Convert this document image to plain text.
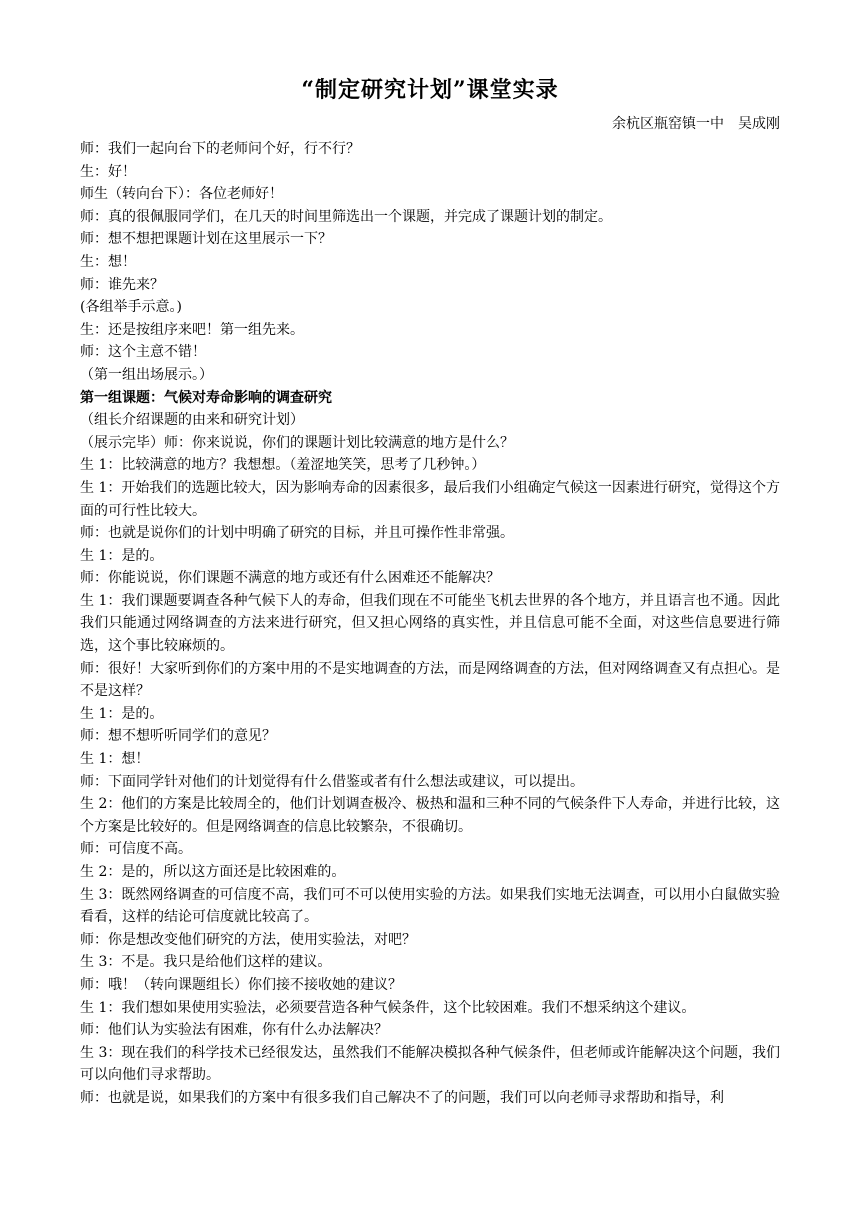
“制定研究计划”课堂实录
余杭区瓶窑镇一中　吴成刚

师：我们一起向台下的老师问个好，行不行？

生：好！

师生（转向台下）：各位老师好！

师：真的很佩服同学们，在几天的时间里筛选出一个课题，并完成了课题计划的制定。

师：想不想把课题计划在这里展示一下？

生：想！

师：谁先来？

(各组举手示意。)

生：还是按组序来吧！第一组先来。

师：这个主意不错！

（第一组出场展示。）

第一组课题：气候对寿命影响的调查研究

（组长介绍课题的由来和研究计划）

（展示完毕）师：你来说说，你们的课题计划比较满意的地方是什么？

生 1：比较满意的地方？我想想。（羞涩地笑笑，思考了几秒钟。）

生 1：开始我们的选题比较大，因为影响寿命的因素很多，最后我们小组确定气候这一因素进行研究，觉得这个方面的可行性比较大。

师：也就是说你们的计划中明确了研究的目标，并且可操作性非常强。

生 1：是的。

师：你能说说，你们课题不满意的地方或还有什么困难还不能解决？

生 1：我们课题要调查各种气候下人的寿命，但我们现在不可能坐飞机去世界的各个地方，并且语言也不通。因此我们只能通过网络调查的方法来进行研究，但又担心网络的真实性，并且信息可能不全面，对这些信息要进行筛选，这个事比较麻烦的。

师：很好！大家听到你们的方案中用的不是实地调查的方法，而是网络调查的方法，但对网络调查又有点担心。是不是这样？

生 1：是的。

师：想不想听听同学们的意见？

生 1：想！

师：下面同学针对他们的计划觉得有什么借鉴或者有什么想法或建议，可以提出。

生 2：他们的方案是比较周全的，他们计划调查极冷、极热和温和三种不同的气候条件下人寿命，并进行比较，这个方案是比较好的。但是网络调查的信息比较繁杂，不很确切。

师：可信度不高。

生 2：是的，所以这方面还是比较困难的。

生 3：既然网络调查的可信度不高，我们可不可以使用实验的方法。如果我们实地无法调查，可以用小白鼠做实验看看，这样的结论可信度就比较高了。

师：你是想改变他们研究的方法，使用实验法，对吧？

生 3：不是。我只是给他们这样的建议。

师：哦！（转向课题组长）你们接不接收她的建议？

生 1：我们想如果使用实验法，必须要营造各种气候条件，这个比较困难。我们不想采纳这个建议。

师：他们认为实验法有困难，你有什么办法解决？

生 3：现在我们的科学技术已经很发达，虽然我们不能解决模拟各种气候条件，但老师或许能解决这个问题，我们可以向他们寻求帮助。

师：也就是说，如果我们的方案中有很多我们自己解决不了的问题，我们可以向老师寻求帮助和指导，利
